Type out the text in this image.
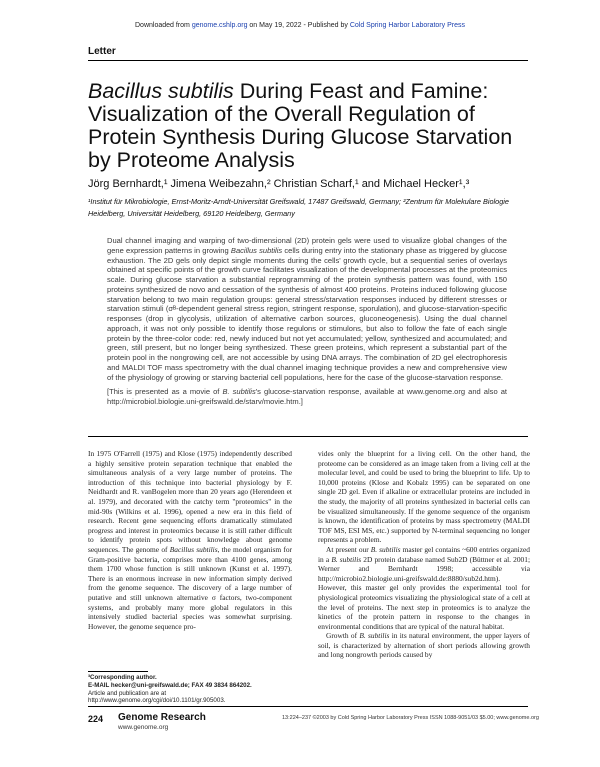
Downloaded from genome.cshlp.org on May 19, 2022 - Published by Cold Spring Harbor Laboratory Press
Letter
Bacillus subtilis During Feast and Famine: Visualization of the Overall Regulation of Protein Synthesis During Glucose Starvation by Proteome Analysis
Jörg Bernhardt,¹ Jimena Weibezahn,² Christian Scharf,¹ and Michael Hecker¹,³
¹Institut für Mikrobiologie, Ernst-Moritz-Arndt-Universität Greifswald, 17487 Greifswald, Germany; ²Zentrum für Molekulare Biologie Heidelberg, Universität Heidelberg, 69120 Heidelberg, Germany
Dual channel imaging and warping of two-dimensional (2D) protein gels were used to visualize global changes of the gene expression patterns in growing Bacillus subtilis cells during entry into the stationary phase as triggered by glucose exhaustion. The 2D gels only depict single moments during the cells' growth cycle, but a sequential series of overlays obtained at specific points of the growth curve facilitates visualization of the developmental processes at the proteomics scale. During glucose starvation a substantial reprogramming of the protein synthesis pattern was found, with 150 proteins synthesized de novo and cessation of the synthesis of almost 400 proteins. Proteins induced following glucose starvation belong to two main regulation groups: general stress/starvation responses induced by different stresses or starvation stimuli (σᴮ-dependent general stress region, stringent response, sporulation), and glucose-starvation-specific responses (drop in glycolysis, utilization of alternative carbon sources, gluconeogenesis). Using the dual channel approach, it was not only possible to identify those regulons or stimulons, but also to follow the fate of each single protein by the three-color code: red, newly induced but not yet accumulated; yellow, synthesized and accumulated; and green, still present, but no longer being synthesized. These green proteins, which represent a substantial part of the protein pool in the nongrowing cell, are not accessible by using DNA arrays. The combination of 2D gel electrophoresis and MALDI TOF mass spectrometry with the dual channel imaging technique provides a new and comprehensive view of the physiology of growing or starving bacterial cell populations, here for the case of the glucose-starvation response.
[This is presented as a movie of B. subtilis's glucose-starvation response, available at www.genome.org and also at http://microbiol.biologie.uni-greifswald.de/starv/movie.htm.]

In 1975 O'Farrell (1975) and Klose (1975) independently described a highly sensitive protein separation technique that enabled the simultaneous analysis of a very large number of proteins. The introduction of this technique into bacterial physiology by F. Neidhardt and R. vanBogelen more than 20 years ago (Herendeen et al. 1979), and decorated with the catchy term "proteomics" in the mid-90s (Wilkins et al. 1996), opened a new era in this field of research. Recent gene sequencing efforts dramatically stimulated progress and interest in proteomics because it is still rather difficult to identify protein spots without knowledge about genome sequences. The genome of Bacillus subtilis, the model organism for Gram-positive bacteria, comprises more than 4100 genes, among them 1700 whose function is still unknown (Kunst et al. 1997). There is an enormous increase in new information simply derived from the genome sequence. The discovery of a large number of putative and still unknown alternative σ factors, two-component systems, and probably many more global regulators in this intensively studied bacterial species was somewhat surprising. However, the genome sequence pro-

vides only the blueprint for a living cell. On the other hand, the proteome can be considered as an image taken from a living cell at the molecular level, and could be used to bring the blueprint to life. Up to 10,000 proteins (Klose and Kobalz 1995) can be separated on one single 2D gel. Even if alkaline or extracellular proteins are included in the study, the majority of all proteins synthesized in bacterial cells can be visualized simultaneously. If the genome sequence of the organism is known, the identification of proteins by mass spectrometry (MALDI TOF MS, ESI MS, etc.) supported by N-terminal sequencing no longer represents a problem.

At present our B. subtilis master gel contains ~600 entries organized in a B. subtilis 2D protein database named Sub2D (Büttner et al. 2001; Werner and Bernhardt 1998; accessible via http://microbio2.biologie.uni-greifswald.de:8880/sub2d.htm). However, this master gel only provides the experimental tool for physiological proteomics visualizing the physiological state of a cell at the level of proteins. The next step in proteomics is to analyze the kinetics of the protein pattern in response to the changes in environmental conditions that are typical of the natural habitat.

Growth of B. subtilis in its natural environment, the upper layers of soil, is characterized by alternation of short periods allowing growth and long nongrowth periods caused by

³Corresponding author.
E-MAIL hecker@uni-greifswald.de; FAX 49 3834 864202.
Article and publication are at http://www.genome.org/cgi/doi/10.1101/gr.905003.
224 Genome Research
www.genome.org
13:224–237 ©2003 by Cold Spring Harbor Laboratory Press ISSN 1088-9051/03 $5.00; www.genome.org
